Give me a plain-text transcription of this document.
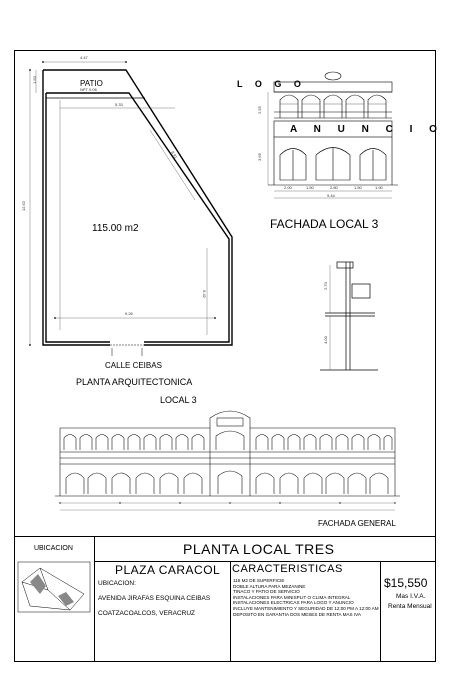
4.47
12.62
1.50
5.33
8.91
6.42
9.26
NPT 0.06
PATIO
115.00 m2
CALLE CEIBAS
PLANTA ARQUITECTONICA
LOCAL 3
L O G O
A N U N C I O
2.00	1.50	2.80	1.50	1.90
9.44
2.55
3.65
FACHADA LOCAL 3
2.70
4.00
FACHADA GENERAL
UBICACION	PLANTA LOCAL TRES
PLAZA CARACOL CARACTERISTICAS
UBICACION:
AVENIDA JIRAFAS ESQUINA CEIBAS
COATZACOALCOS, VERACRUZ
115 M2 DE SUPERFICIE
DOBLE ALTURA PARA MEZANINE
TINACO Y PATIO DE SERVICIO
INSTALACIONES PARA MINISPLIT O CLIMA INTEGRAL
INSTALACIONES ELECTRICAS PARA LOGO Y ANUNCIO
INCLUYE MANTENIMIENTO Y SEGURIDAD DE 12:00 PM A 12:00 AM
DEPOSITO EN GARANTIA DOS MESES DE RENTA MAS IVA
$15,550
Mas I.V.A.
Renta Mensual
